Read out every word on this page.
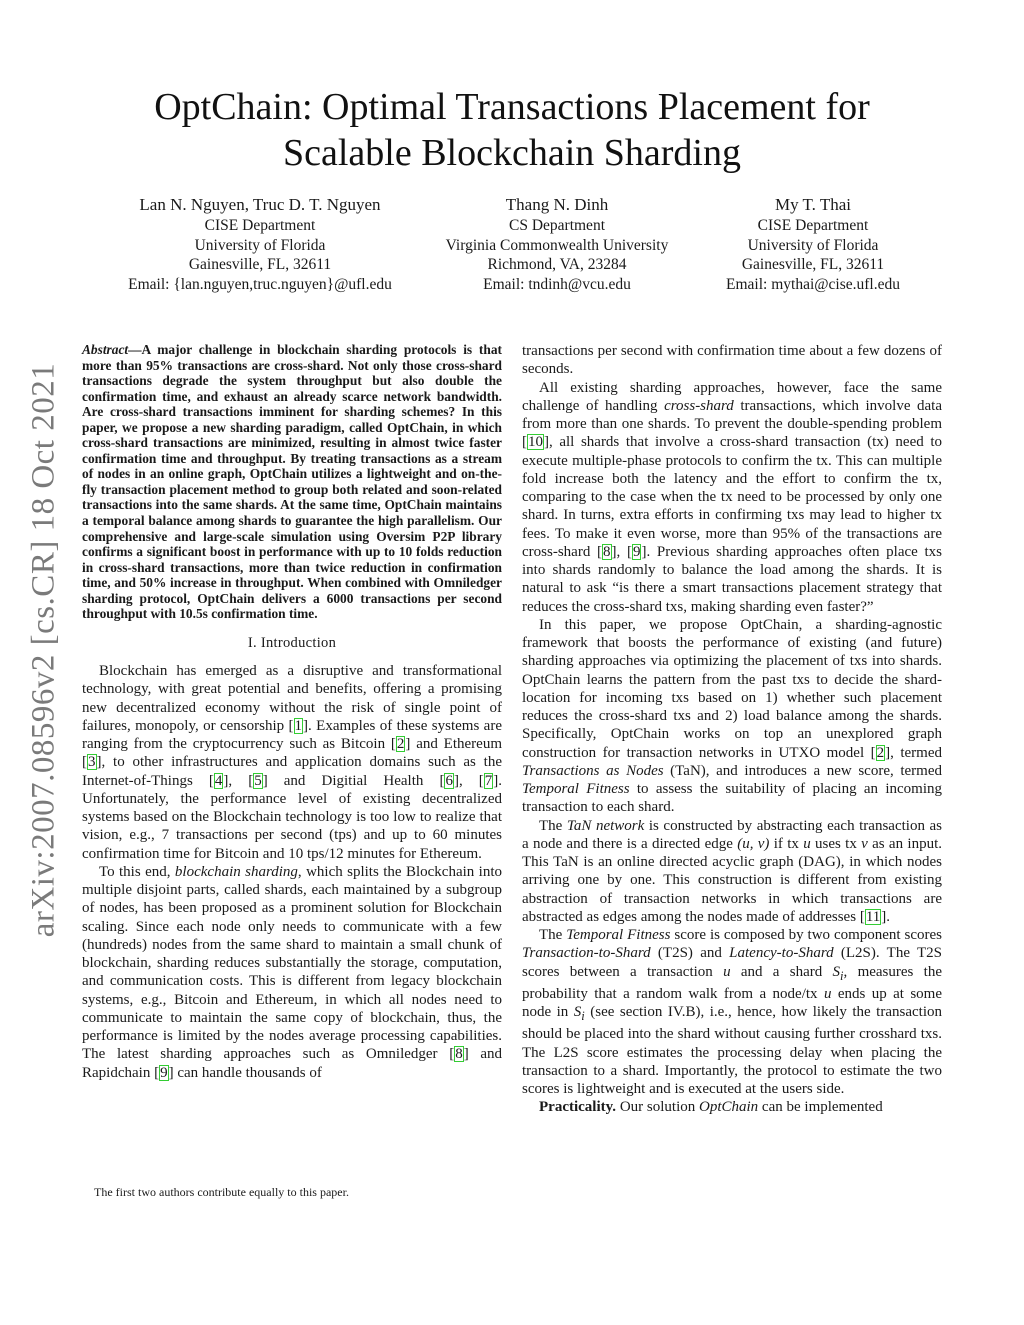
arXiv:2007.08596v2 [cs.CR] 18 Oct 2021
OptChain: Optimal Transactions Placement for
Scalable Blockchain Sharding
Lan N. Nguyen, Truc D. T. Nguyen
CISE Department
University of Florida
Gainesville, FL, 32611
Email: {lan.nguyen,truc.nguyen}@ufl.edu
Thang N. Dinh
CS Department
Virginia Commonwealth University
Richmond, VA, 23284
Email: tndinh@vcu.edu
My T. Thai
CISE Department
University of Florida
Gainesville, FL, 32611
Email: mythai@cise.ufl.edu
Abstract—A major challenge in blockchain sharding protocols is that more than 95% transactions are cross-shard. Not only those cross-shard transactions degrade the system throughput but also double the confirmation time, and exhaust an already scarce network bandwidth. Are cross-shard transactions imminent for sharding schemes? In this paper, we propose a new sharding paradigm, called OptChain, in which cross-shard transactions are minimized, resulting in almost twice faster confirmation time and throughput. By treating transactions as a stream of nodes in an online graph, OptChain utilizes a lightweight and on-the-fly transaction placement method to group both related and soon-related transactions into the same shards. At the same time, OptChain maintains a temporal balance among shards to guarantee the high parallelism. Our comprehensive and large-scale simulation using Oversim P2P library confirms a significant boost in performance with up to 10 folds reduction in cross-shard transactions, more than twice reduction in confirmation time, and 50% increase in throughput. When combined with Omniledger sharding protocol, OptChain delivers a 6000 transactions per second throughput with 10.5s confirmation time.
I. Introduction

Blockchain has emerged as a disruptive and transformational technology, with great potential and benefits, offering a promising new decentralized economy without the risk of single point of failures, monopoly, or censorship [1]. Examples of these systems are ranging from the cryptocurrency such as Bitcoin [2] and Ethereum [3], to other infrastructures and application domains such as the Internet-of-Things [4], [5] and Digitial Health [6], [7]. Unfortunately, the performance level of existing decentralized systems based on the Blockchain technology is too low to realize that vision, e.g., 7 transactions per second (tps) and up to 60 minutes confirmation time for Bitcoin and 10 tps/12 minutes for Ethereum.

To this end, blockchain sharding, which splits the Blockchain into multiple disjoint parts, called shards, each maintained by a subgroup of nodes, has been proposed as a prominent solution for Blockchain scaling. Since each node only needs to communicate with a few (hundreds) nodes from the same shard to maintain a small chunk of blockchain, sharding reduces substantially the storage, computation, and communication costs. This is different from legacy blockchain systems, e.g., Bitcoin and Ethereum, in which all nodes need to communicate to maintain the same copy of blockchain, thus, the performance is limited by the nodes average processing capabilities. The latest sharding approaches such as Omniledger [8] and Rapidchain [9] can handle thousands of

transactions per second with confirmation time about a few dozens of seconds.

All existing sharding approaches, however, face the same challenge of handling cross-shard transactions, which involve data from more than one shards. To prevent the double-spending problem [10], all shards that involve a cross-shard transaction (tx) need to execute multiple-phase protocols to confirm the tx. This can multiple fold increase both the latency and the effort to confirm the tx, comparing to the case when the tx need to be processed by only one shard. In turns, extra efforts in confirming txs may lead to higher tx fees. To make it even worse, more than 95% of the transactions are cross-shard [8], [9]. Previous sharding approaches often place txs into shards randomly to balance the load among the shards. It is natural to ask “is there a smart transactions placement strategy that reduces the cross-shard txs, making sharding even faster?”

In this paper, we propose OptChain, a sharding-agnostic framework that boosts the performance of existing (and future) sharding approaches via optimizing the placement of txs into shards. OptChain learns the pattern from the past txs to decide the shard-location for incoming txs based on 1) whether such placement reduces the cross-shard txs and 2) load balance among the shards. Specifically, OptChain works on top an unexplored graph construction for transaction networks in UTXO model [2], termed Transactions as Nodes (TaN), and introduces a new score, termed Temporal Fitness to assess the suitability of placing an incoming transaction to each shard.

The TaN network is constructed by abstracting each transaction as a node and there is a directed edge (u, v) if tx u uses tx v as an input. This TaN is an online directed acyclic graph (DAG), in which nodes arriving one by one. This construction is different from existing abstraction of transaction networks in which transactions are abstracted as edges among the nodes made of addresses [11].

The Temporal Fitness score is composed by two component scores Transaction-to-Shard (T2S) and Latency-to-Shard (L2S). The T2S scores between a transaction u and a shard $S_i$, measures the probability that a random walk from a node/tx u ends up at some node in $S_i$ (see section IV.B), i.e., hence, how likely the transaction should be placed into the shard without causing further crosshard txs. The L2S score estimates the processing delay when placing the transaction to a shard. Importantly, the protocol to estimate the two scores is lightweight and is executed at the users side.

Practicality. Our solution OptChain can be implemented

The first two authors contribute equally to this paper.
